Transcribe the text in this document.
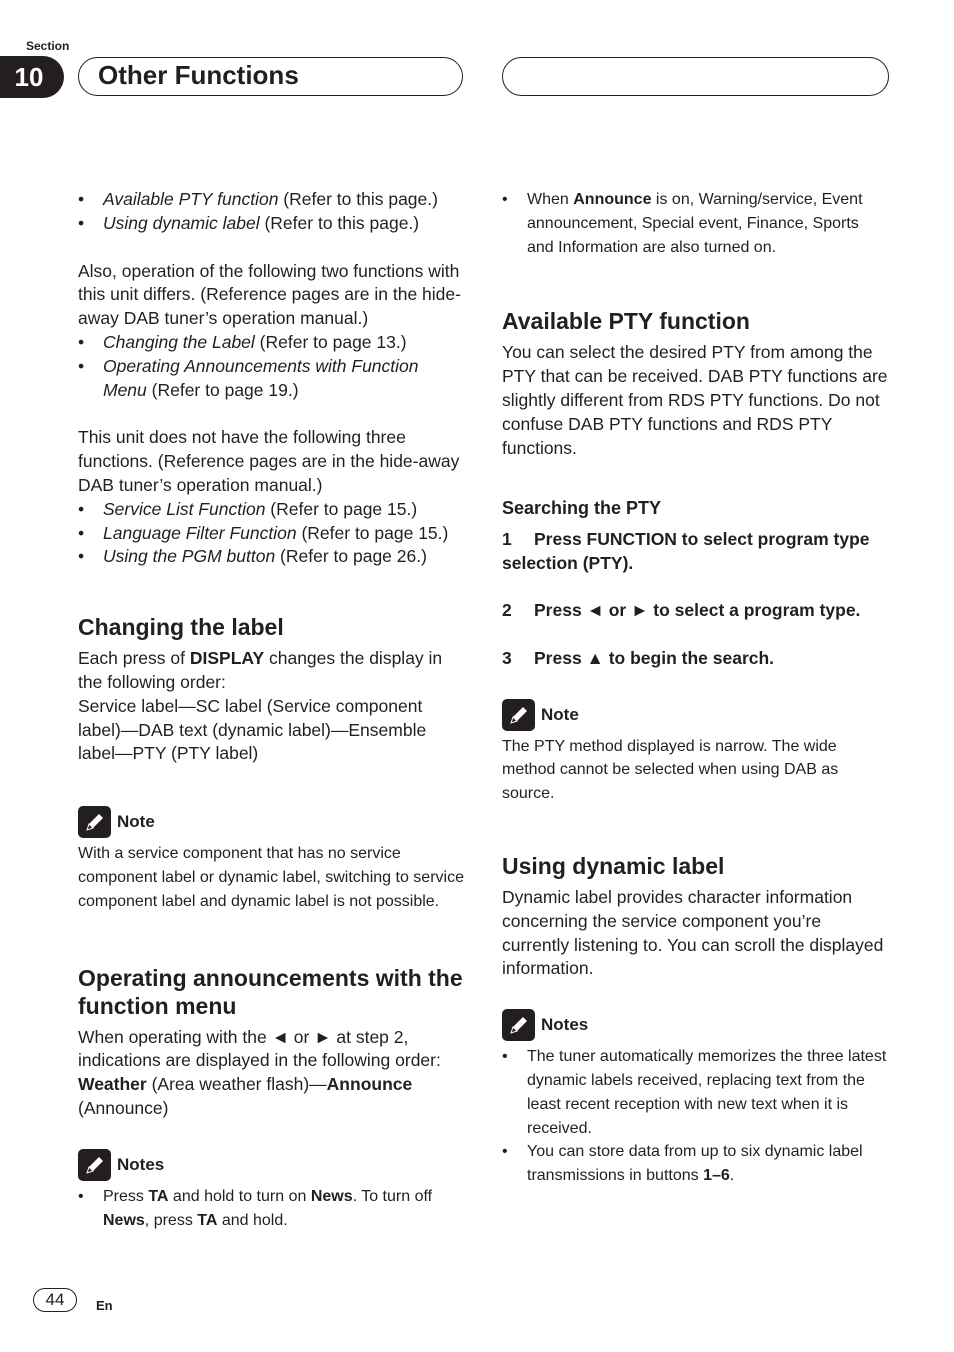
Section
10	Other Functions
• Available PTY function (Refer to this page.)
• Using dynamic label (Refer to this page.)

Also, operation of the following two functions with this unit differs. (Reference pages are in the hide-away DAB tuner’s operation manual.)

• Changing the Label (Refer to page 13.)
• Operating Announcements with Function Menu (Refer to page 19.)

This unit does not have the following three functions. (Reference pages are in the hide-away DAB tuner’s operation manual.)

• Service List Function (Refer to page 15.)
• Language Filter Function (Refer to page 15.)
• Using the PGM button (Refer to page 26.)
Changing the label

Each press of DISPLAY changes the display in the following order:

Service label—SC label (Service component label)—DAB text (dynamic label)—Ensemble label—PTY (PTY label)

Note

With a service component that has no service component label or dynamic label, switching to service component label and dynamic label is not possible.

Operating announcements with the function menu

When operating with the ◄ or ► at step 2, indications are displayed in the following order:

Weather (Area weather flash)—Announce (Announce)

Notes
• Press TA and hold to turn on News. To turn off News, press TA and hold.
• When Announce is on, Warning/service, Event announcement, Special event, Finance, Sports and Information are also turned on.
Available PTY function

You can select the desired PTY from among the PTY that can be received. DAB PTY functions are slightly different from RDS PTY functions. Do not confuse DAB PTY functions and RDS PTY functions.

Searching the PTY

1 Press FUNCTION to select program type selection (PTY).

2 Press ◄ or ► to select a program type.

3 Press ▲ to begin the search.

Note

The PTY method displayed is narrow. The wide method cannot be selected when using DAB as source.

Using dynamic label

Dynamic label provides character information concerning the service component you’re currently listening to. You can scroll the displayed information.

Notes
• The tuner automatically memorizes the three latest dynamic labels received, replacing text from the least recent reception with new text when it is received.
• You can store data from up to six dynamic label transmissions in buttons 1–6.
44	En
